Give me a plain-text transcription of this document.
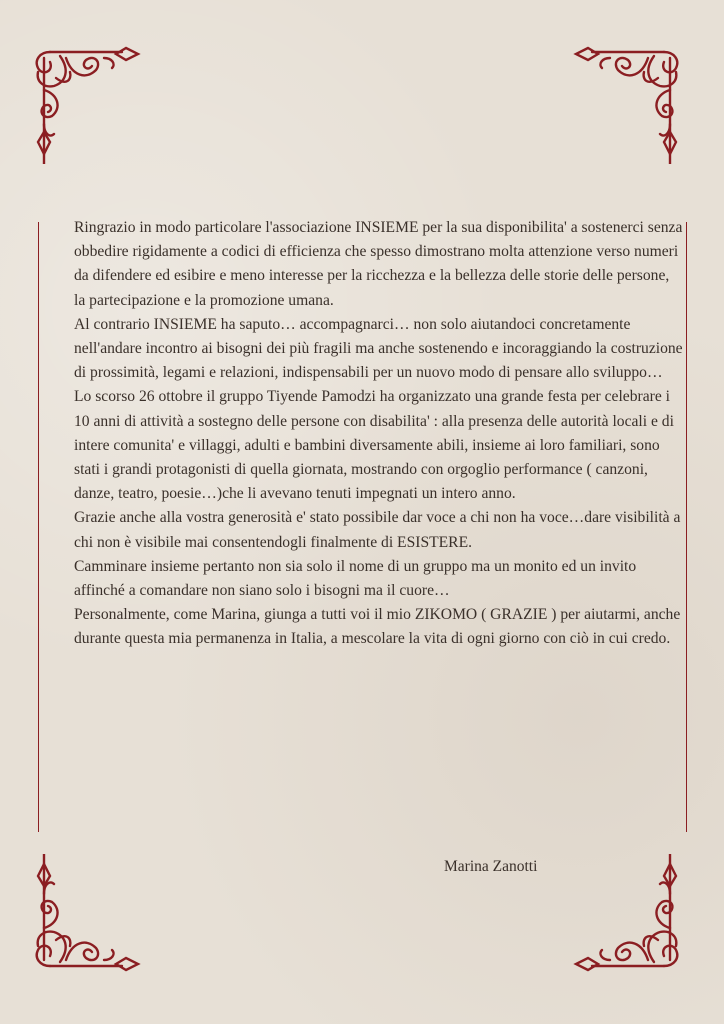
Ringrazio in modo particolare l'associazione INSIEME per la sua disponibilita' a sostenerci senza obbedire rigidamente a codici di efficienza che spesso dimostrano molta attenzione verso numeri da difendere ed esibire e meno interesse per la ricchezza e la bellezza delle storie delle persone, la partecipazione e la promozione umana.

Al contrario INSIEME ha saputo… accompagnarci… non solo aiutandoci concretamente nell'andare incontro ai bisogni dei più fragili ma anche sostenendo e incoraggiando la costruzione di prossimità, legami e relazioni, indispensabili per un nuovo modo di pensare allo sviluppo…

Lo scorso 26 ottobre il gruppo Tiyende Pamodzi ha organizzato una grande festa per celebrare i 10 anni di attività a sostegno delle persone con disabilita' : alla presenza delle autorità locali e di intere comunita' e villaggi, adulti e bambini diversamente abili, insieme ai loro familiari, sono stati i grandi protagonisti di quella giornata, mostrando con orgoglio performance ( canzoni, danze, teatro, poesie…)che li avevano tenuti impegnati un intero anno.

Grazie anche alla vostra generosità e' stato possibile dar voce a chi non ha voce…dare visibilità a chi non è visibile mai consentendogli finalmente di ESISTERE.

Camminare insieme pertanto non sia solo il nome di un gruppo ma un monito ed un invito affinché a comandare non siano solo i bisogni ma il cuore…

Personalmente, come Marina, giunga a tutti voi il mio ZIKOMO ( GRAZIE ) per aiutarmi, anche durante questa mia permanenza in Italia, a mescolare la vita di ogni giorno con ciò in cui credo.

Marina Zanotti
